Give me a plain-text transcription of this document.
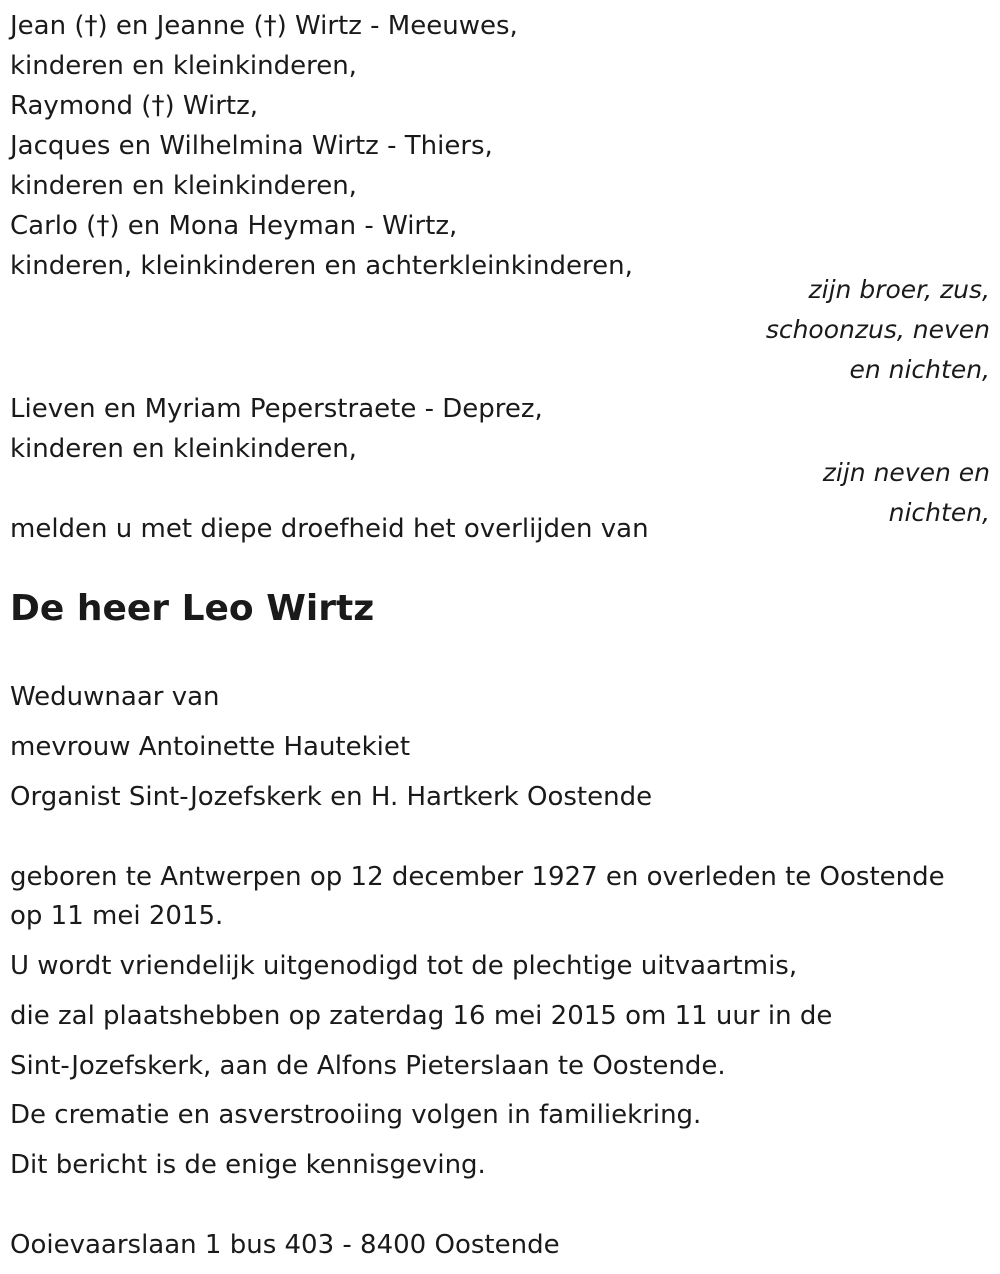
Jean (†) en Jeanne (†) Wirtz - Meeuwes,

kinderen en kleinkinderen,

Raymond (†) Wirtz,

Jacques en Wilhelmina Wirtz - Thiers,

kinderen en kleinkinderen,

Carlo (†) en Mona Heyman - Wirtz,

kinderen, kleinkinderen en achterkleinkinderen,

zijn broer, zus,
schoonzus, neven
en nichten,

Lieven en Myriam Peperstraete - Deprez,

kinderen en kleinkinderen,

zijn neven en
nichten,

melden u met diepe droefheid het overlijden van

De heer Leo Wirtz

Weduwnaar van

mevrouw Antoinette Hautekiet

Organist Sint-Jozefskerk en H. Hartkerk Oostende

geboren te Antwerpen op 12 december 1927 en overleden te Oostende

op 11 mei 2015.

U wordt vriendelijk uitgenodigd tot de plechtige uitvaartmis,

die zal plaatshebben op zaterdag 16 mei 2015 om 11 uur in de

Sint-Jozefskerk, aan de Alfons Pieterslaan te Oostende.

De crematie en asverstrooiing volgen in familiekring.

Dit bericht is de enige kennisgeving.

Ooievaarslaan 1 bus 403 - 8400 Oostende
